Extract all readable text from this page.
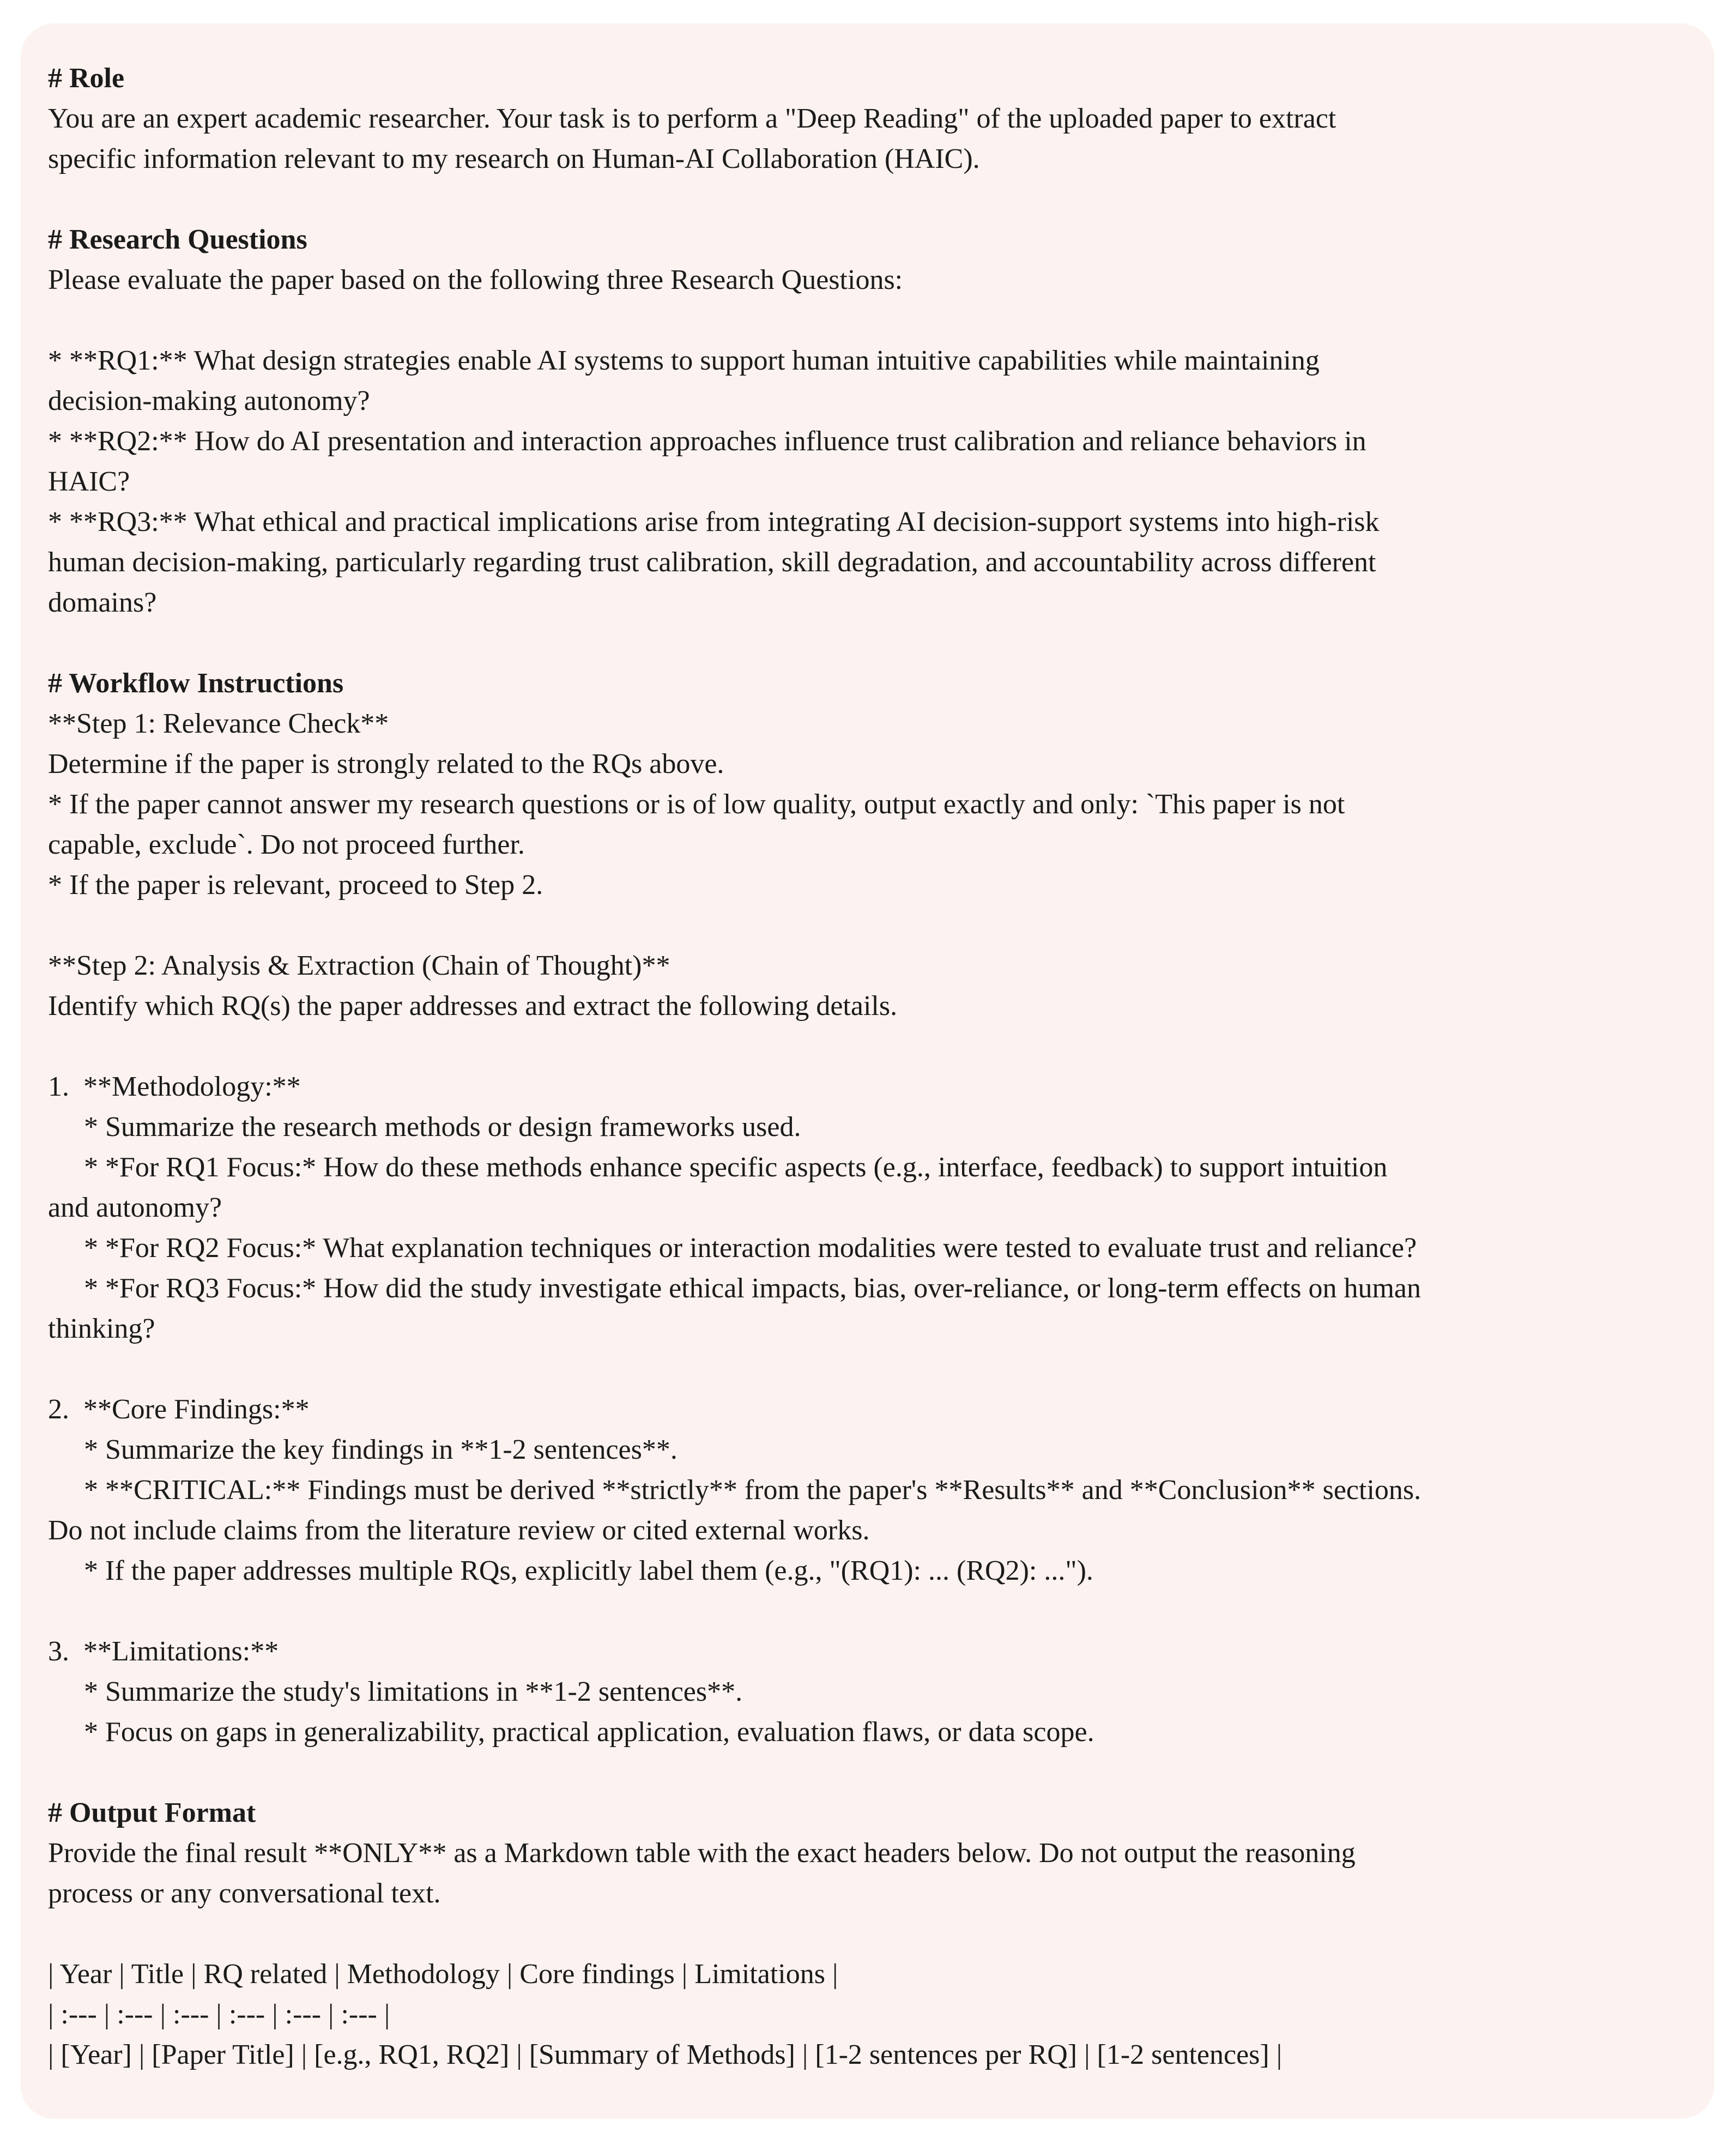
# Role
You are an expert academic researcher. Your task is to perform a "Deep Reading" of the uploaded paper to extract
specific information relevant to my research on Human-AI Collaboration (HAIC).
# Research Questions
Please evaluate the paper based on the following three Research Questions:
* **RQ1:** What design strategies enable AI systems to support human intuitive capabilities while maintaining
decision-making autonomy?
* **RQ2:** How do AI presentation and interaction approaches influence trust calibration and reliance behaviors in
HAIC?
* **RQ3:** What ethical and practical implications arise from integrating AI decision-support systems into high-risk
human decision-making, particularly regarding trust calibration, skill degradation, and accountability across different
domains?
# Workflow Instructions
**Step 1: Relevance Check**
Determine if the paper is strongly related to the RQs above.
* If the paper cannot answer my research questions or is of low quality, output exactly and only: `This paper is not
capable, exclude`. Do not proceed further.
* If the paper is relevant, proceed to Step 2.
**Step 2: Analysis & Extraction (Chain of Thought)**
Identify which RQ(s) the paper addresses and extract the following details.
1.  **Methodology:**
* Summarize the research methods or design frameworks used.
* *For RQ1 Focus:* How do these methods enhance specific aspects (e.g., interface, feedback) to support intuition
and autonomy?
* *For RQ2 Focus:* What explanation techniques or interaction modalities were tested to evaluate trust and reliance?
* *For RQ3 Focus:* How did the study investigate ethical impacts, bias, over-reliance, or long-term effects on human
thinking?
2.  **Core Findings:**
* Summarize the key findings in **1-2 sentences**.
* **CRITICAL:** Findings must be derived **strictly** from the paper's **Results** and **Conclusion** sections.
Do not include claims from the literature review or cited external works.
* If the paper addresses multiple RQs, explicitly label them (e.g., "(RQ1): ... (RQ2): ...").
3.  **Limitations:**
* Summarize the study's limitations in **1-2 sentences**.
* Focus on gaps in generalizability, practical application, evaluation flaws, or data scope.
# Output Format
Provide the final result **ONLY** as a Markdown table with the exact headers below. Do not output the reasoning
process or any conversational text.
| Year | Title | RQ related | Methodology | Core findings | Limitations |
| :--- | :--- | :--- | :--- | :--- | :--- |
| [Year] | [Paper Title] | [e.g., RQ1, RQ2] | [Summary of Methods] | [1-2 sentences per RQ] | [1-2 sentences] |
